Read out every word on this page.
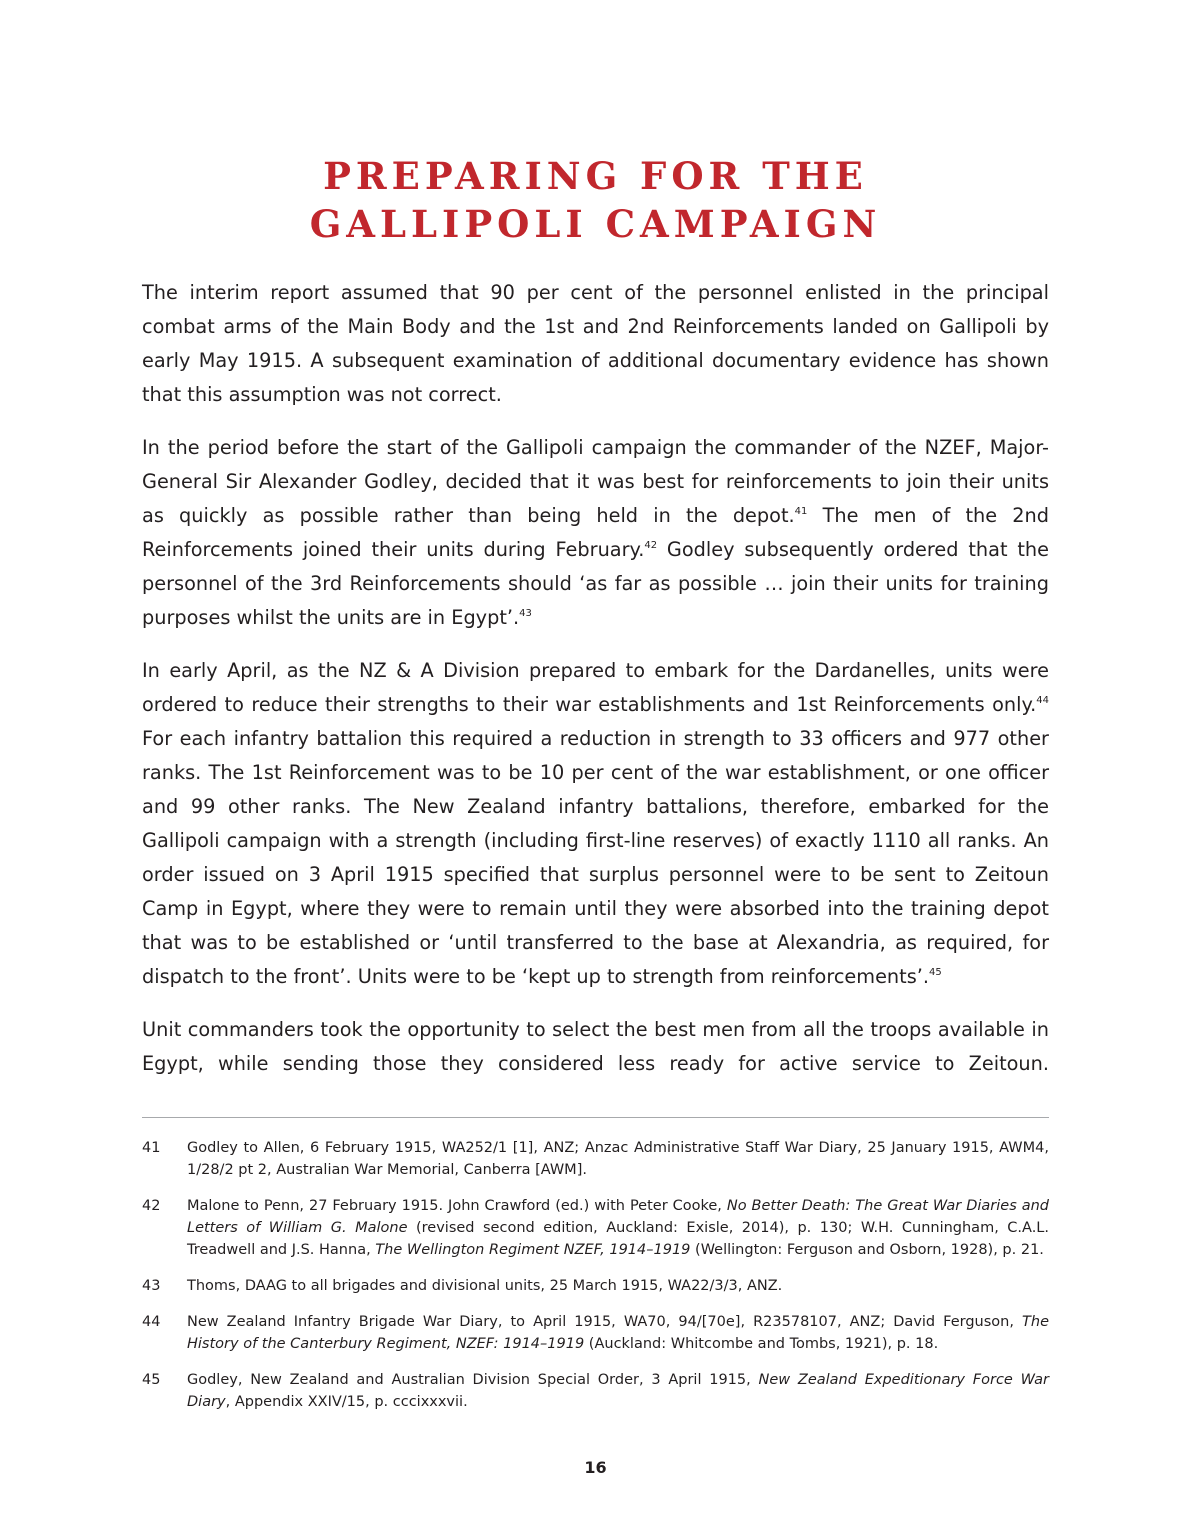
PREPARING FOR THE
GALLIPOLI CAMPAIGN

The interim report assumed that 90 per cent of the personnel enlisted in the principal combat arms of the Main Body and the 1st and 2nd Reinforcements landed on Gallipoli by early May 1915. A subsequent examination of additional documentary evidence has shown that this assumption was not correct.

In the period before the start of the Gallipoli campaign the commander of the NZEF, Major-General Sir Alexander Godley, decided that it was best for reinforcements to join their units as quickly as possible rather than being held in the depot.$^{41}$ The men of the 2nd Reinforcements joined their units during February.$^{42}$ Godley subsequently ordered that the personnel of the 3rd Reinforcements should ‘as far as possible … join their units for training purposes whilst the units are in Egypt’.$^{43}$

In early April, as the NZ & A Division prepared to embark for the Dardanelles, units were ordered to reduce their strengths to their war establishments and 1st Reinforcements only.$^{44}$ For each infantry battalion this required a reduction in strength to 33 officers and 977 other ranks. The 1st Reinforcement was to be 10 per cent of the war establishment, or one officer and 99 other ranks. The New Zealand infantry battalions, therefore, embarked for the Gallipoli campaign with a strength (including first-line reserves) of exactly 1110 all ranks. An order issued on 3 April 1915 specified that surplus personnel were to be sent to Zeitoun Camp in Egypt, where they were to remain until they were absorbed into the training depot that was to be established or ‘until transferred to the base at Alexandria, as required, for dispatch to the front’. Units were to be ‘kept up to strength from reinforcements’.$^{45}$

Unit commanders took the opportunity to select the best men from all the troops available in Egypt, while sending those they considered less ready for active service to Zeitoun.

41	Godley to Allen, 6 February 1915, WA252/1 [1], ANZ; Anzac Administrative Staff War Diary, 25 January 1915, AWM4, 1/28/2 pt 2, Australian War Memorial, Canberra [AWM].
42	Malone to Penn, 27 February 1915. John Crawford (ed.) with Peter Cooke, No Better Death: The Great War Diaries and Letters of William G. Malone (revised second edition, Auckland: Exisle, 2014), p. 130; W.H. Cunningham, C.A.L. Treadwell and J.S. Hanna, The Wellington Regiment NZEF, 1914–1919 (Wellington: Ferguson and Osborn, 1928), p. 21.
43	Thoms, DAAG to all brigades and divisional units, 25 March 1915, WA22/3/3, ANZ.
44	New Zealand Infantry Brigade War Diary, to April 1915, WA70, 94/[70e], R23578107, ANZ; David Ferguson, The History of the Canterbury Regiment, NZEF: 1914–1919 (Auckland: Whitcombe and Tombs, 1921), p. 18.
45	Godley, New Zealand and Australian Division Special Order, 3 April 1915, New Zealand Expeditionary Force War Diary, Appendix XXIV/15, p. cccixxxvii.
16
